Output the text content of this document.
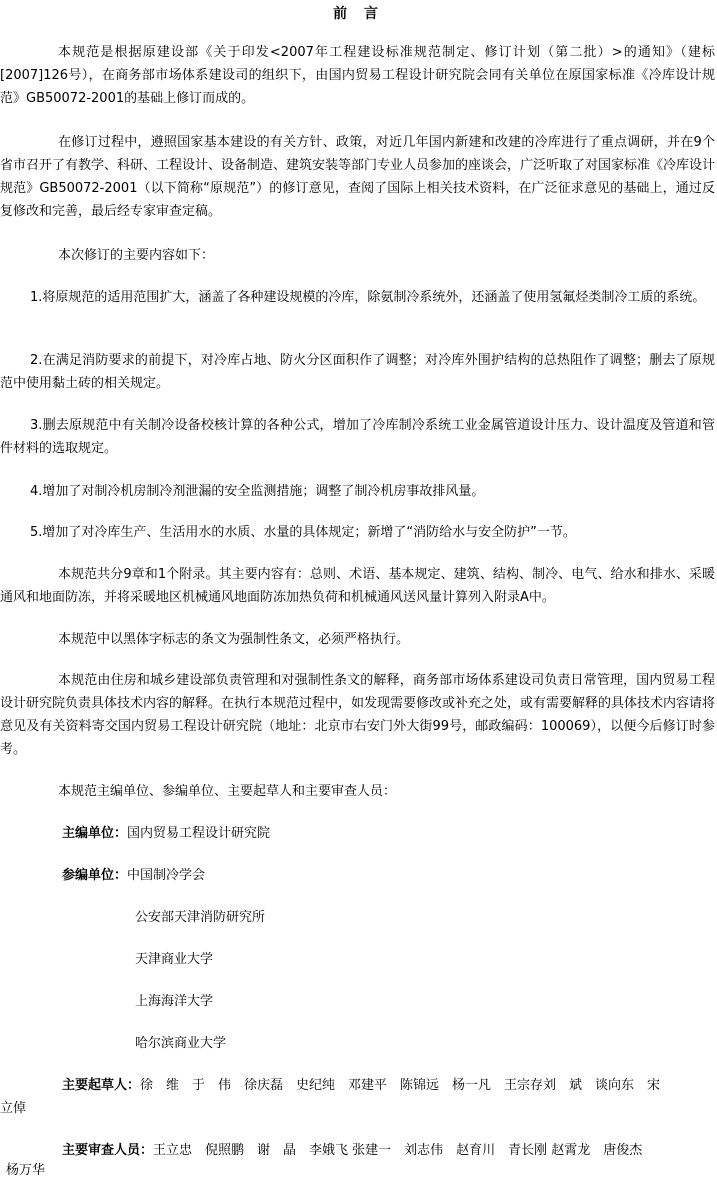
前 言

本规范是根据原建设部《关于印发<2007年工程建设标准规范制定、修订计划（第二批）>的通知》（建标[2007]126号），在商务部市场体系建设司的组织下，由国内贸易工程设计研究院会同有关单位在原国家标准《冷库设计规范》GB50072-2001的基础上修订而成的。

在修订过程中，遵照国家基本建设的有关方针、政策，对近几年国内新建和改建的冷库进行了重点调研，并在9个省市召开了有教学、科研、工程设计、设备制造、建筑安装等部门专业人员参加的座谈会，广泛听取了对国家标准《冷库设计规范》GB50072-2001（以下简称“原规范”）的修订意见，查阅了国际上相关技术资料，在广泛征求意见的基础上，通过反复修改和完善，最后经专家审查定稿。

本次修订的主要内容如下：

1.将原规范的适用范围扩大，涵盖了各种建设规模的冷库，除氨制冷系统外，还涵盖了使用氢氟烃类制冷工质的系统。

2.在满足消防要求的前提下，对冷库占地、防火分区面积作了调整；对冷库外围护结构的总热阻作了调整；删去了原规范中使用黏土砖的相关规定。

3.删去原规范中有关制冷设备校核计算的各种公式，增加了冷库制冷系统工业金属管道设计压力、设计温度及管道和管件材料的选取规定。

4.增加了对制冷机房制冷剂泄漏的安全监测措施；调整了制冷机房事故排风量。

5.增加了对冷库生产、生活用水的水质、水量的具体规定；新增了“消防给水与安全防护”一节。

本规范共分9章和1个附录。其主要内容有：总则、术语、基本规定、建筑、结构、制冷、电气、给水和排水、采暖通风和地面防冻，并将采暖地区机械通风地面防冻加热负荷和机械通风送风量计算列入附录A中。

本规范中以黑体字标志的条文为强制性条文，必须严格执行。

本规范由住房和城乡建设部负责管理和对强制性条文的解释，商务部市场体系建设司负责日常管理，国内贸易工程设计研究院负责具体技术内容的解释。在执行本规范过程中，如发现需要修改或补充之处，或有需要解释的具体技术内容请将意见及有关资料寄交国内贸易工程设计研究院（地址：北京市右安门外大街99号，邮政编码：100069），以便今后修订时参考。

本规范主编单位、参编单位、主要起草人和主要审查人员：

主编单位：国内贸易工程设计研究院
参编单位：中国制冷学会
公安部天津消防研究所
天津商业大学
上海海洋大学
哈尔滨商业大学
主要起草人：徐　维　于　伟　徐庆磊　史纪纯　邓建平　陈锦远　杨一凡　王宗存刘　斌　谈向东　宋
立倬
主要审查人员：王立忠　倪照鹏　谢　晶　李娥飞 张建一　刘志伟　赵育川　青长刚 赵霄龙　唐俊杰
杨万华
